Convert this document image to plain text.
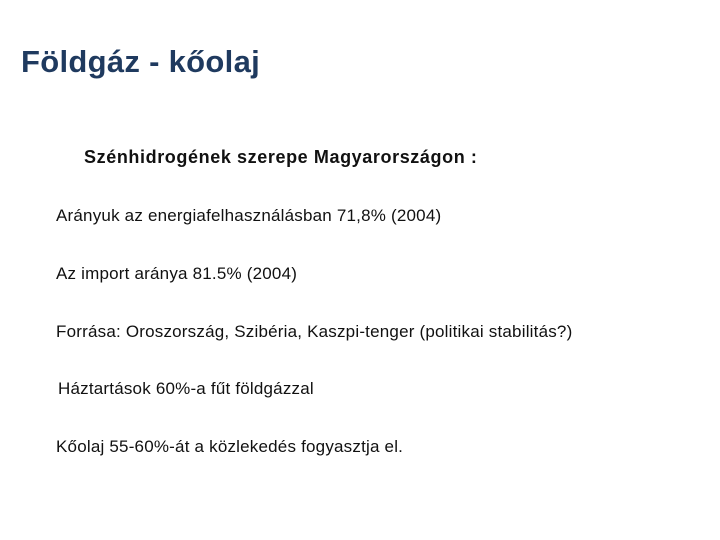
Földgáz - kőolaj
Szénhidrogének szerepe Magyarországon :
Arányuk az energiafelhasználásban 71,8% (2004)
Az import aránya 81.5% (2004)
Forrása: Oroszország, Szibéria, Kaszpi-tenger (politikai stabilitás?)
Háztartások 60%-a fűt földgázzal
Kőolaj 55-60%-át a közlekedés fogyasztja el.
